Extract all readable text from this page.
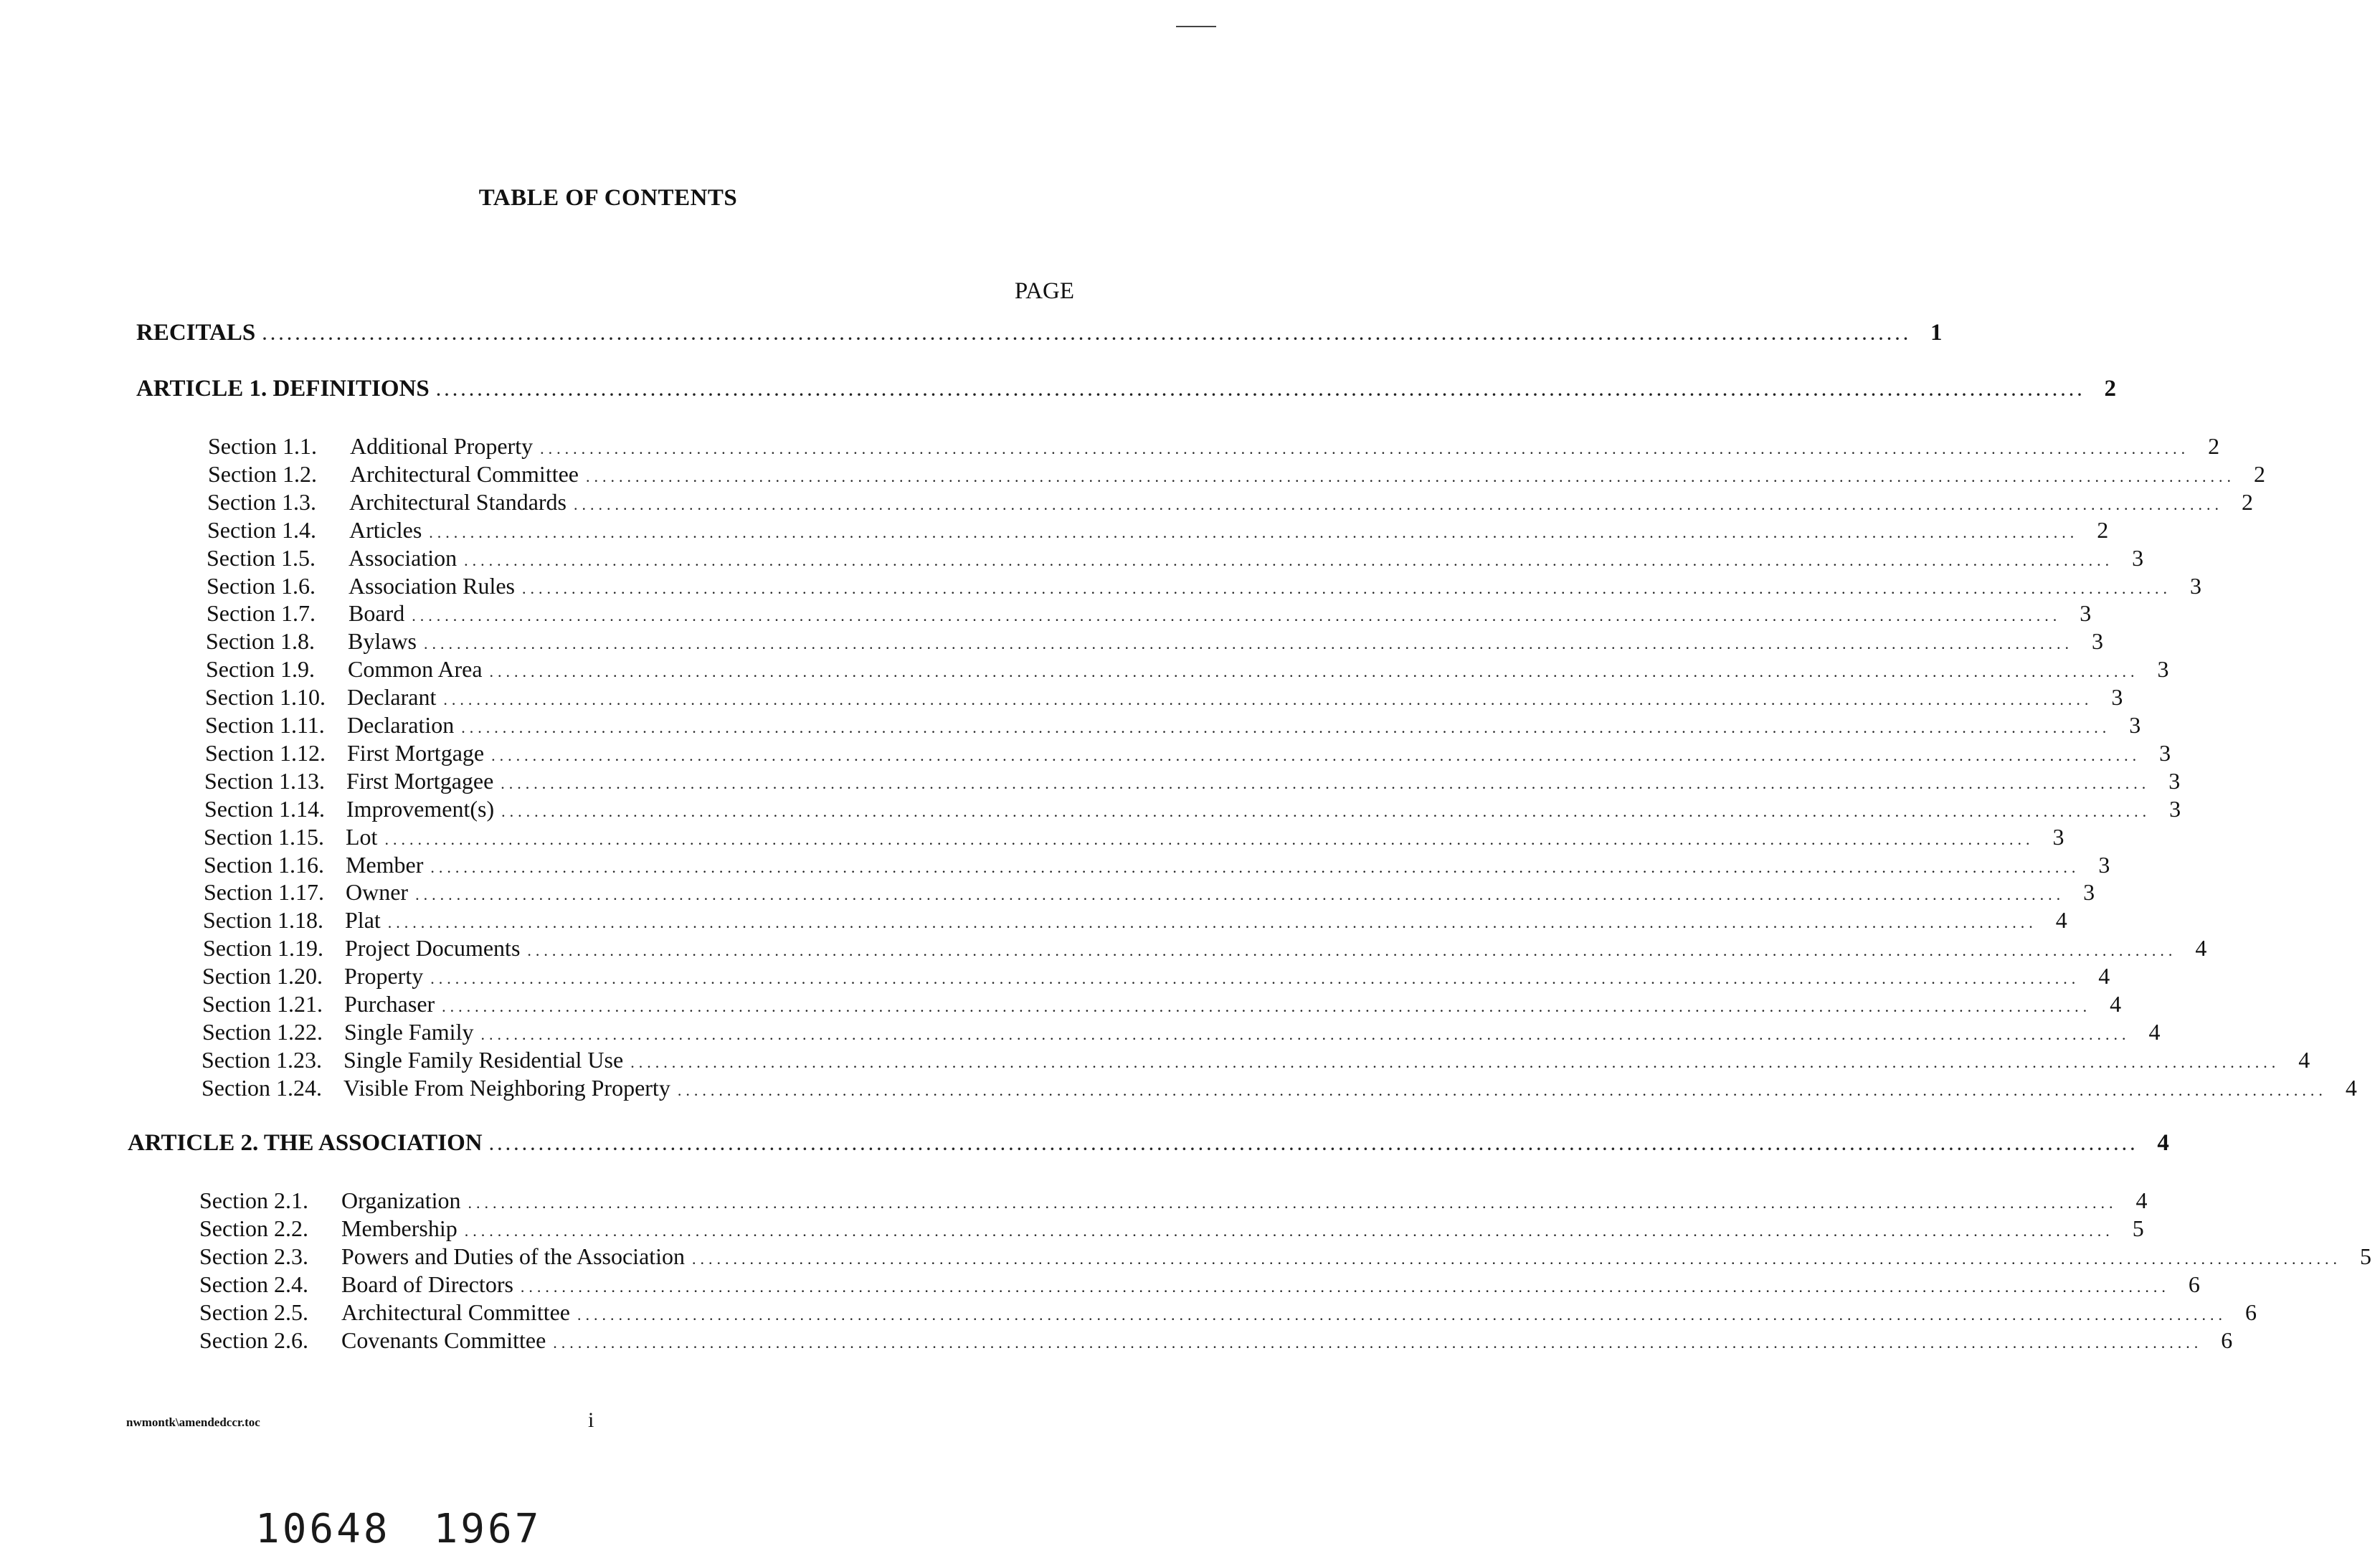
TABLE OF CONTENTS
PAGE
RECITALS ........................................................................................................................................................................................................ 1
ARTICLE 1. DEFINITIONS ........................................................................................................................................................................................................ 2
Section 1.1.	Additional Property ........................................................................................................................................................................................................ 2
Section 1.2.	Architectural Committee ........................................................................................................................................................................................................ 2
Section 1.3.	Architectural Standards ........................................................................................................................................................................................................ 2
Section 1.4.	Articles ........................................................................................................................................................................................................ 2
Section 1.5.	Association ........................................................................................................................................................................................................ 3
Section 1.6.	Association Rules ........................................................................................................................................................................................................ 3
Section 1.7.	Board ........................................................................................................................................................................................................ 3
Section 1.8.	Bylaws ........................................................................................................................................................................................................ 3
Section 1.9.	Common Area ........................................................................................................................................................................................................ 3
Section 1.10. Declarant ........................................................................................................................................................................................................ 3
Section 1.11. Declaration ........................................................................................................................................................................................................ 3
Section 1.12. First Mortgage ........................................................................................................................................................................................................ 3
Section 1.13. First Mortgagee ........................................................................................................................................................................................................ 3
Section 1.14. Improvement(s) ........................................................................................................................................................................................................ 3
Section 1.15. Lot ........................................................................................................................................................................................................ 3
Section 1.16. Member ........................................................................................................................................................................................................ 3
Section 1.17. Owner ........................................................................................................................................................................................................ 3
Section 1.18. Plat ........................................................................................................................................................................................................ 4
Section 1.19. Project Documents ........................................................................................................................................................................................................ 4
Section 1.20. Property ........................................................................................................................................................................................................ 4
Section 1.21. Purchaser ........................................................................................................................................................................................................ 4
Section 1.22. Single Family ........................................................................................................................................................................................................ 4
Section 1.23. Single Family Residential Use ........................................................................................................................................................................................................ 4
Section 1.24. Visible From Neighboring Property ........................................................................................................................................................................................................ 4
ARTICLE 2. THE ASSOCIATION ........................................................................................................................................................................................................ 4
Section 2.1.	Organization ........................................................................................................................................................................................................ 4
Section 2.2.	Membership ........................................................................................................................................................................................................ 5
Section 2.3.	Powers and Duties of the Association ........................................................................................................................................................................................................ 5
Section 2.4.	Board of Directors ........................................................................................................................................................................................................ 6
Section 2.5.	Architectural Committee ........................................................................................................................................................................................................ 6
Section 2.6.	Covenants Committee ........................................................................................................................................................................................................ 6
nwmontk\amendedccr.toc	i
10648 1967
